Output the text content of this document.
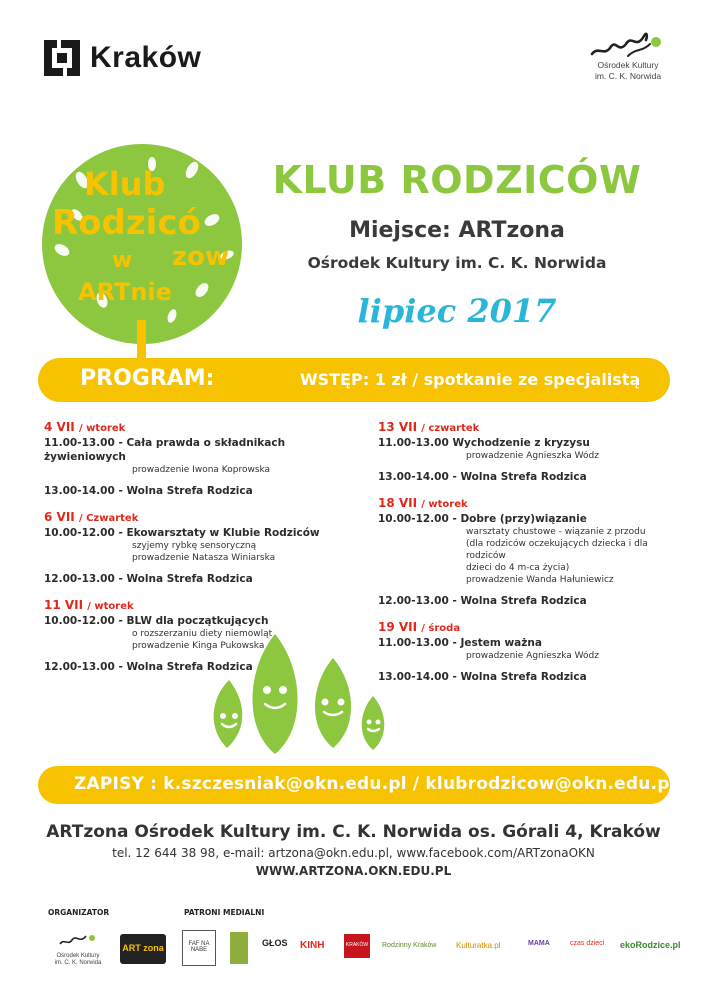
Kraków	Ośrodek Kultury
im. C. K. Norwida
Klub
Rodzicó
w zow
ARTnie
KLUB RODZICÓW
Miejsce: ARTzona
Ośrodek Kultury im. C. K. Norwida
lipiec 2017
PROGRAM:	WSTĘP: 1 zł / spotkanie ze specjalistą
4 VII / wtorek
11.00-13.00 - Cała prawda o składnikach żywieniowych
prowadzenie Iwona Koprowska
13.00-14.00 - Wolna Strefa Rodzica
6 VII / Czwartek
10.00-12.00 - Ekowarsztaty w Klubie Rodziców
szyjemy rybkę sensoryczną
prowadzenie Natasza Winiarska
12.00-13.00 - Wolna Strefa Rodzica
11 VII / wtorek
10.00-12.00 - BLW dla początkujących
o rozszerzaniu diety niemowląt
prowadzenie Kinga Pukowska
12.00-13.00 - Wolna Strefa Rodzica
13 VII / czwartek
11.00-13.00 Wychodzenie z kryzysu
prowadzenie Agnieszka Wódz
13.00-14.00 - Wolna Strefa Rodzica
18 VII / wtorek
10.00-12.00 - Dobre (przy)wiązanie
warsztaty chustowe - wiązanie z przodu
(dla rodziców oczekujących dziecka i dla rodziców
dzieci do 4 m-ca życia)
prowadzenie Wanda Hałuniewicz
12.00-13.00 - Wolna Strefa Rodzica
19 VII / środa
11.00-13.00 - Jestem ważna
prowadzenie Agnieszka Wódz
13.00-14.00 - Wolna Strefa Rodzica
ZAPISY : k.szczesniak@okn.edu.pl / klubrodzicow@okn.edu.pl
ARTzona Ośrodek Kultury im. C. K. Norwida os. Górali 4, Kraków
tel. 12 644 38 98, e-mail: artzona@okn.edu.pl, www.facebook.com/ARTzonaOKN
WWW.ARTZONA.OKN.EDU.PL
ORGANIZATOR	PATRONI MEDIALNI
Ośrodek Kultury
im. C. K. Norwida
ART zona	FAF NA NABE
GŁOS KINH	KRAKÓW Rodzinny Kraków Kulturatka.pl	MAMA	czas dzieci ekoRodzice.pl
